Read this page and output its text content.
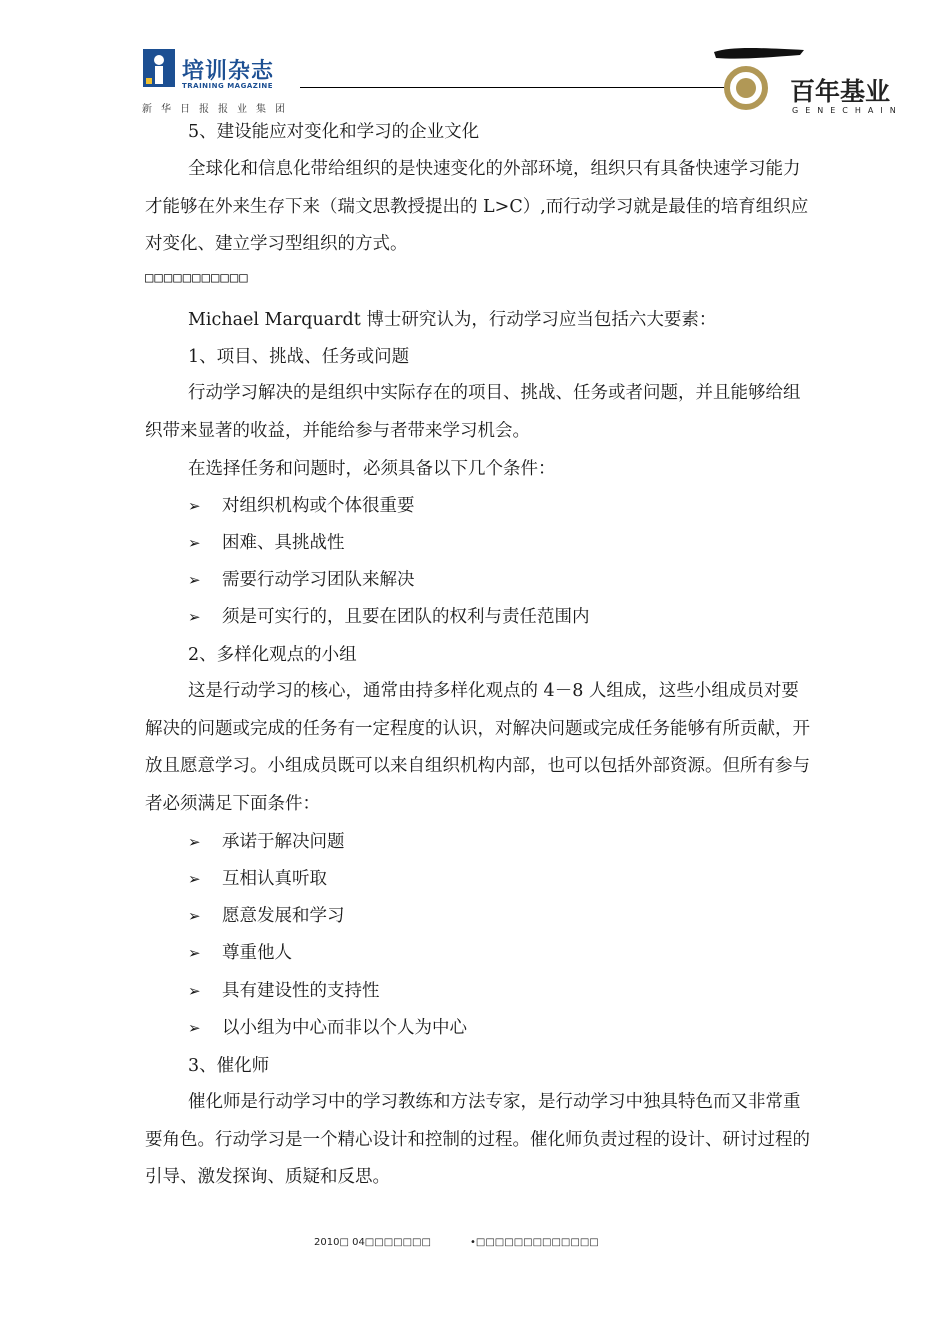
培训杂志
TRAINING MAGAZINE
新华日报报业集团
百年基业
GENECHAIN
5、建设能应对变化和学习的企业文化

全球化和信息化带给组织的是快速变化的外部环境，组织只有具备快速学习能力才能够在外来生存下来（瑞文思教授提出的 L>C）,而行动学习就是最佳的培育组织应对变化、建立学习型组织的方式。

□□□□□□□□□□□
Michael Marquardt 博士研究认为，行动学习应当包括六大要素：
1、项目、挑战、任务或问题

行动学习解决的是组织中实际存在的项目、挑战、任务或者问题，并且能够给组织带来显著的收益，并能给参与者带来学习机会。

在选择任务和问题时，必须具备以下几个条件：
➢ 对组织机构或个体很重要
➢ 困难、具挑战性
➢ 需要行动学习团队来解决
➢ 须是可实行的，且要在团队的权利与责任范围内
2、多样化观点的小组

这是行动学习的核心，通常由持多样化观点的 4－8 人组成，这些小组成员对要解决的问题或完成的任务有一定程度的认识，对解决问题或完成任务能够有所贡献，开放且愿意学习。小组成员既可以来自组织机构内部，也可以包括外部资源。但所有参与者必须满足下面条件：

➢ 承诺于解决问题
➢ 互相认真听取
➢ 愿意发展和学习
➢ 尊重他人
➢ 具有建设性的支持性
➢ 以小组为中心而非以个人为中心
3、催化师

催化师是行动学习中的学习教练和方法专家，是行动学习中独具特色而又非常重要角色。行动学习是一个精心设计和控制的过程。催化师负责过程的设计、研讨过程的引导、激发探询、质疑和反思。

2010□ 04□□□□□□□	•□□□□□□□□□□□□□
